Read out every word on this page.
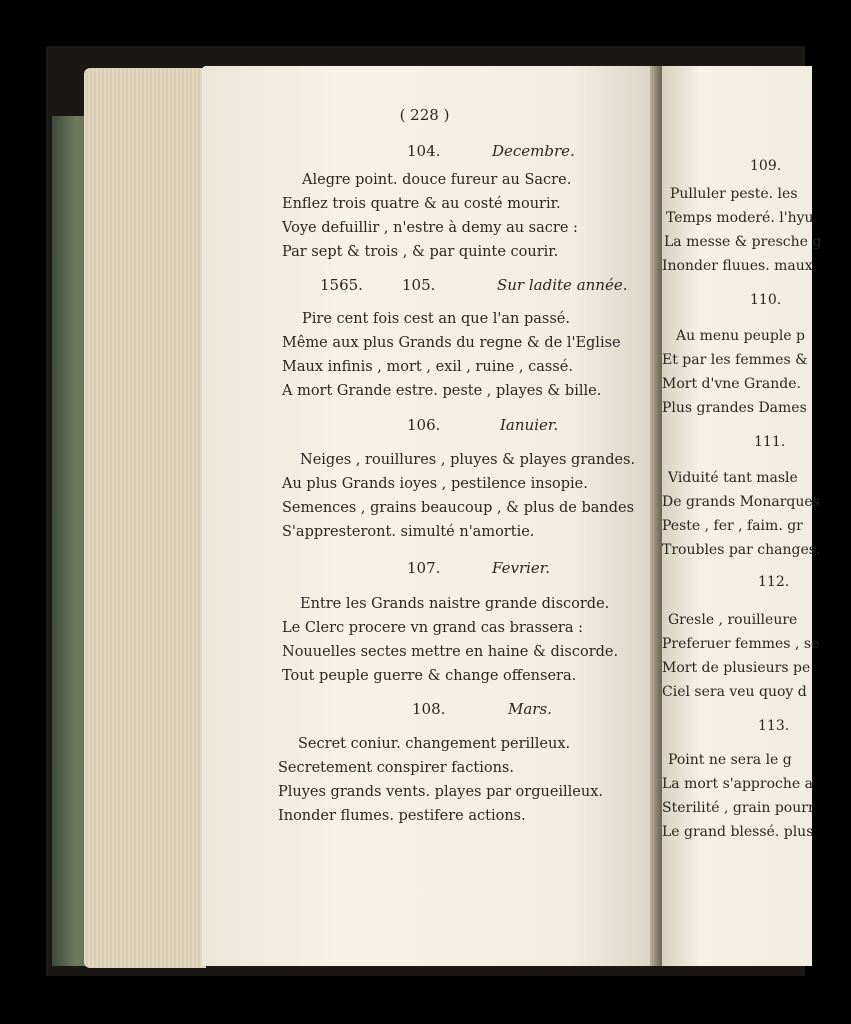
( 228 )
104.	Decembre.
Alegre point. douce fureur au Sacre.
Enflez trois quatre & au costé mourir.
Voye defuillir , n'estre à demy au sacre :
Par sept & trois , & par quinte courir.
1565.	105.	Sur ladite année.
Pire cent fois cest an que l'an passé.
Même aux plus Grands du regne & de l'Eglise
Maux infinis , mort , exil , ruine , cassé.
A mort Grande estre. peste , playes & bille.
106.	Ianuier.
Neiges , rouillures , pluyes & playes grandes.
Au plus Grands ioyes , pestilence insopie.
Semences , grains beaucoup , & plus de bandes
S'appresteront. simulté n'amortie.
107.	Fevrier.
Entre les Grands naistre grande discorde.
Le Clerc procere vn grand cas brassera :
Nouuelles sectes mettre en haine & discorde.
Tout peuple guerre & change offensera.
108.	Mars.
Secret coniur. changement perilleux.
Secretement conspirer factions.
Pluyes grands vents. playes par orgueilleux.
Inonder flumes. pestifere actions.
109.
Pulluler peste. les
Temps moderé. l'hyu
La messe & presche g
Inonder fluues. maux
110.
Au menu peuple p
Et par les femmes &
Mort d'vne Grande.
Plus grandes Dames
111.
Viduité tant masle
De grands Monarques
Peste , fer , faim. gr
Troubles par changes.
112.
Gresle , rouilleure
Preferuer femmes , se
Mort de plusieurs pe
Ciel sera veu quoy d
113.
Point ne sera le g
La mort s'approche a
Sterilité , grain pourr
Le grand blessé. plus
